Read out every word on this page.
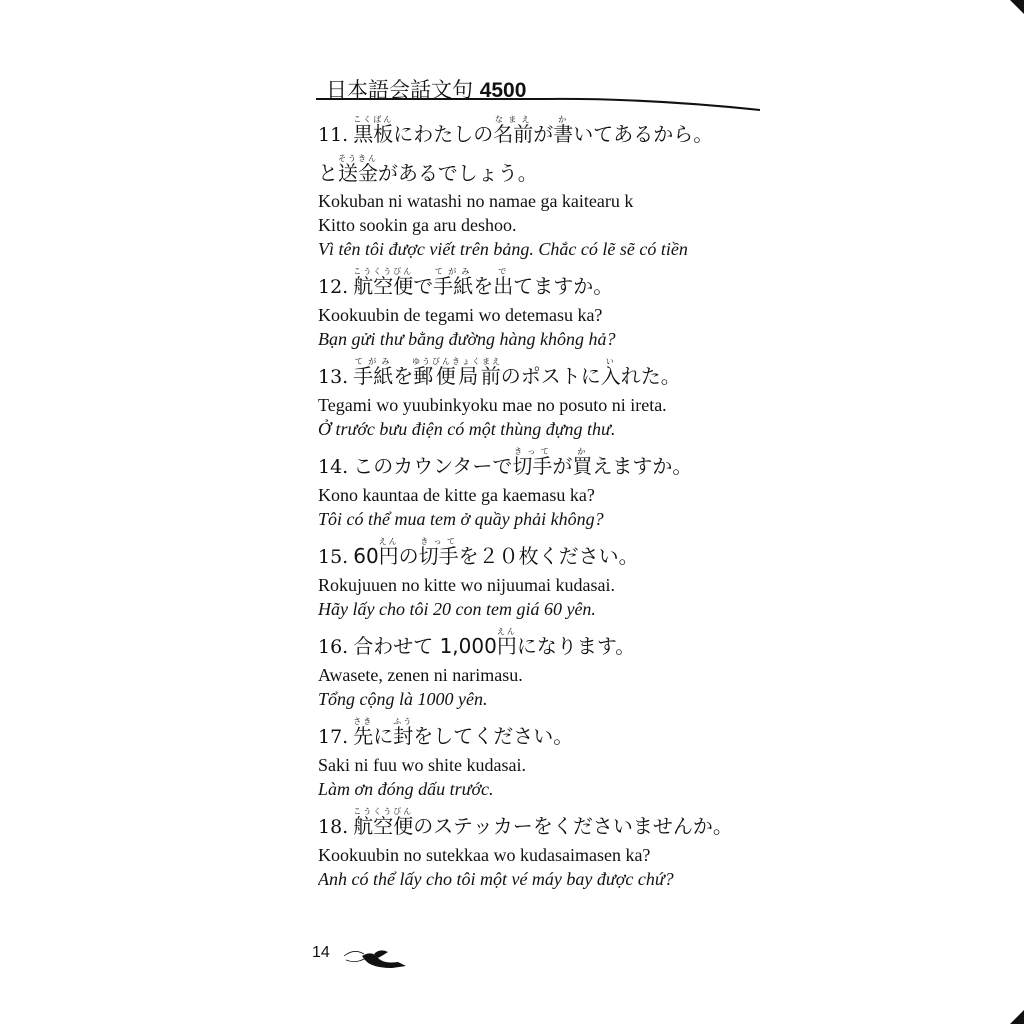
日本語会話文句 4500
11. 黒板こくばんにわたしの名前なまえが書かいてあるから。
と送金そうきんがあるでしょう。
Kokuban ni watashi no namae ga kaitearu k
Kitto sookin ga aru deshoo.
Vì tên tôi được viết trên bảng. Chắc có lẽ sẽ có tiền
12. 航空便こうくうびんで手紙てがみを出でてますか。
Kookuubin de tegami wo detemasu ka?
Bạn gửi thư bằng đường hàng không hả?
13. 手紙てがみを郵便局前ゆうびんきょくまえのポストに入いれた。
Tegami wo yuubinkyoku mae no posuto ni ireta.
Ở trước bưu điện có một thùng đựng thư.
14. このカウンターで切手きってが買かえますか。
Kono kauntaa de kitte ga kaemasu ka?
Tôi có thể mua tem ở quầy phải không?
15. 60円えんの切手きってを２０枚ください。
Rokujuuen no kitte wo nijuumai kudasai.
Hãy lấy cho tôi 20 con tem giá 60 yên.
16. 合わせて 1,000円えんになります。
Awasete, zenen ni narimasu.
Tổng cộng là 1000 yên.
17. 先さきに封ふうをしてください。
Saki ni fuu wo shite kudasai.
Làm ơn đóng dấu trước.
18. 航空便こうくうびんのステッカーをくださいませんか。
Kookuubin no sutekkaa wo kudasaimasen ka?
Anh có thể lấy cho tôi một vé máy bay được chứ?
14
